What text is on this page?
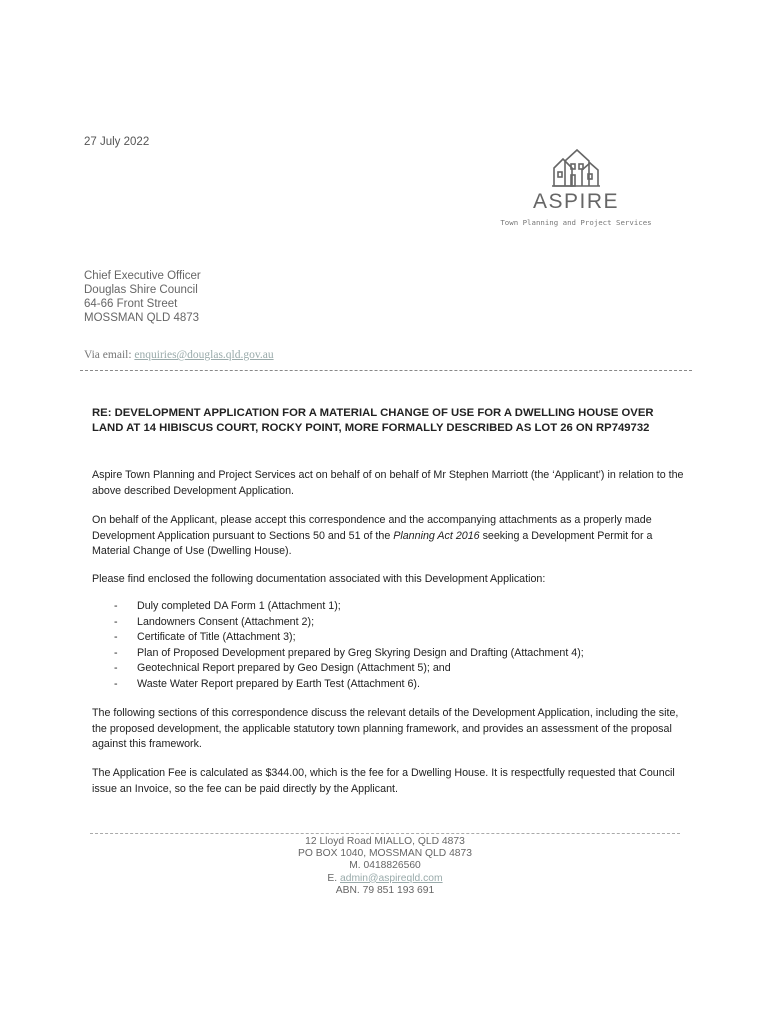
27 July 2022
ASPIRE
Town Planning and Project Services
Chief Executive Officer
Douglas Shire Council
64-66 Front Street
MOSSMAN QLD 4873
Via email: enquiries@douglas.qld.gov.au
RE: DEVELOPMENT APPLICATION FOR A MATERIAL CHANGE OF USE FOR A DWELLING HOUSE OVER LAND AT 14 HIBISCUS COURT, ROCKY POINT, MORE FORMALLY DESCRIBED AS LOT 26 ON RP749732
Aspire Town Planning and Project Services act on behalf of on behalf of Mr Stephen Marriott (the ‘Applicant’) in relation to the above described Development Application.
On behalf of the Applicant, please accept this correspondence and the accompanying attachments as a properly made Development Application pursuant to Sections 50 and 51 of the Planning Act 2016 seeking a Development Permit for a Material Change of Use (Dwelling House).
Please find enclosed the following documentation associated with this Development Application:
- Duly completed DA Form 1 (Attachment 1);
- Landowners Consent (Attachment 2);
- Certificate of Title (Attachment 3);
- Plan of Proposed Development prepared by Greg Skyring Design and Drafting (Attachment 4);
- Geotechnical Report prepared by Geo Design (Attachment 5); and
- Waste Water Report prepared by Earth Test (Attachment 6).
The following sections of this correspondence discuss the relevant details of the Development Application, including the site, the proposed development, the applicable statutory town planning framework, and provides an assessment of the proposal against this framework.
The Application Fee is calculated as $344.00, which is the fee for a Dwelling House. It is respectfully requested that Council issue an Invoice, so the fee can be paid directly by the Applicant.
12 Lloyd Road MIALLO, QLD 4873
PO BOX 1040, MOSSMAN QLD 4873
M. 0418826560
E. admin@aspireqld.com
ABN. 79 851 193 691
